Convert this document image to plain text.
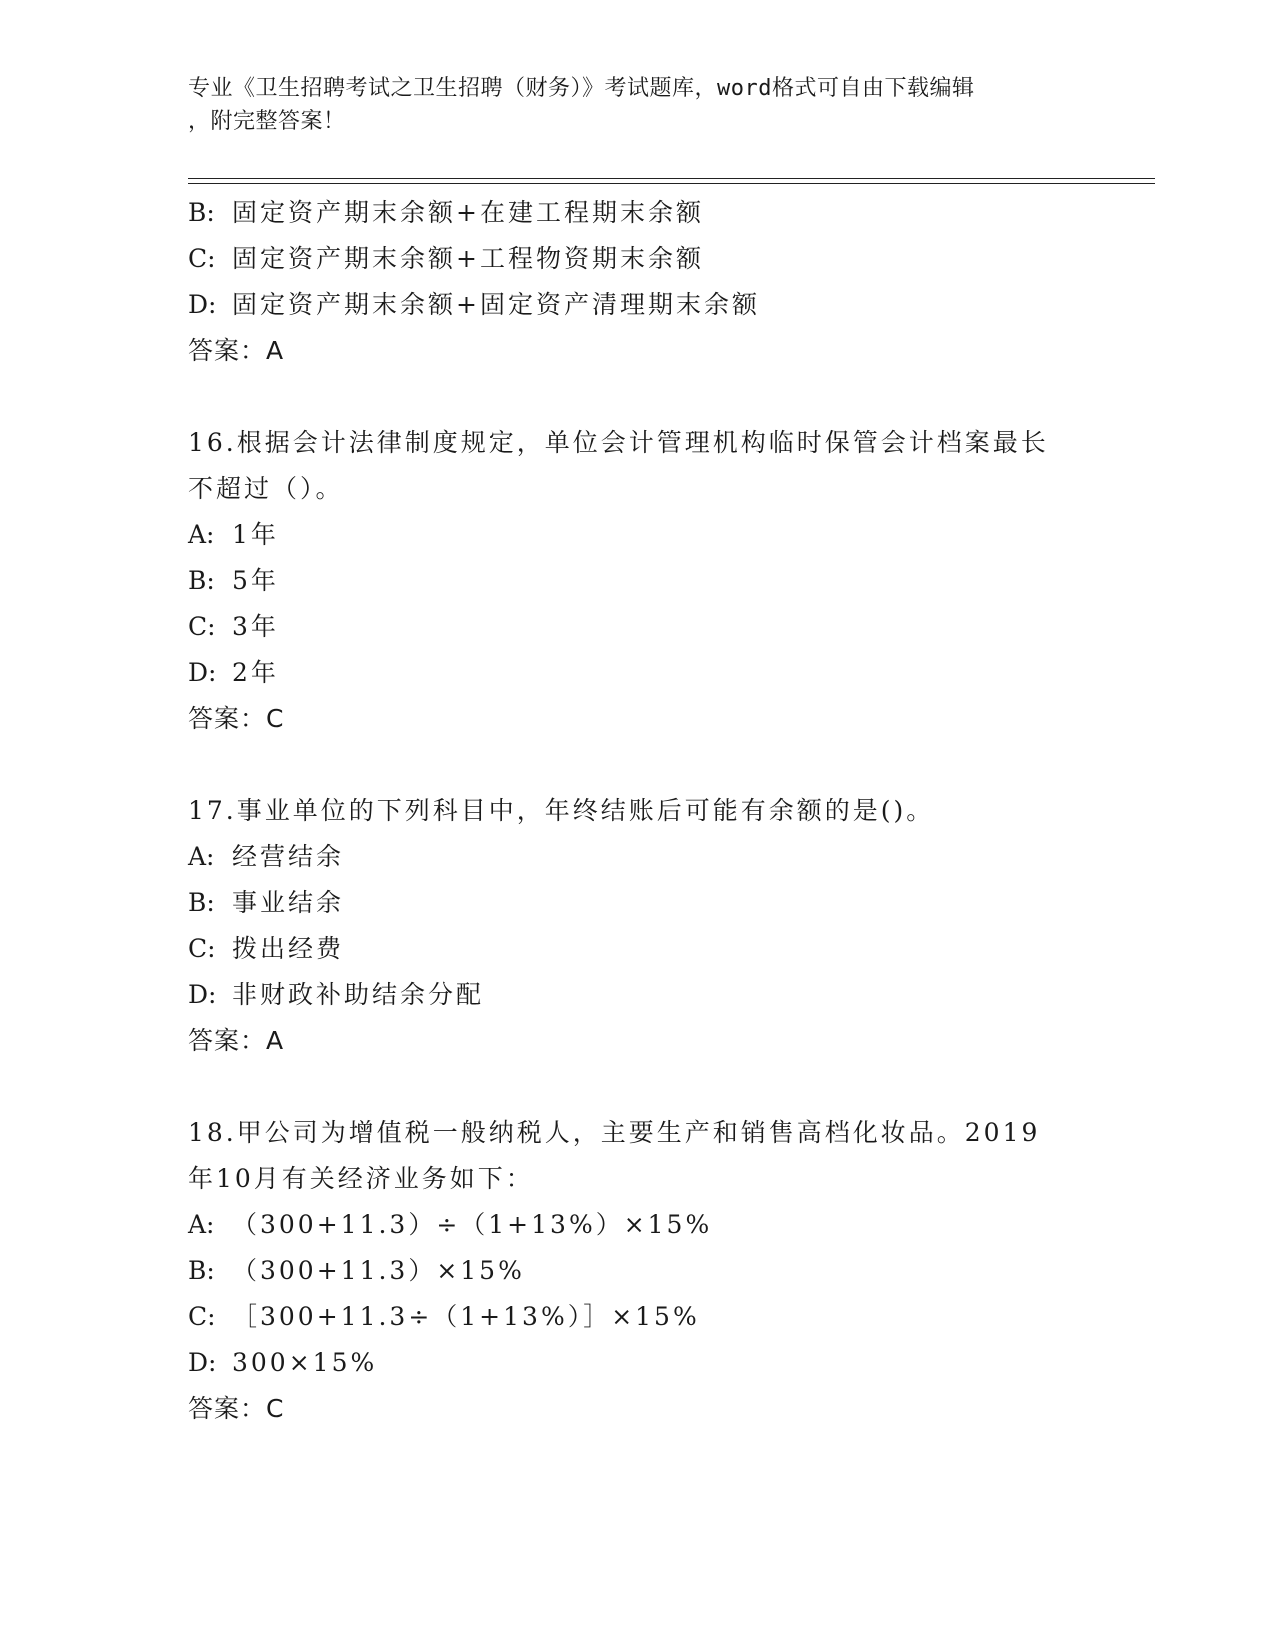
专业《卫生招聘考试之卫生招聘（财务）》考试题库，word格式可自由下载编辑
，附完整答案！
B: 固定资产期末余额+在建工程期末余额
C: 固定资产期末余额+工程物资期末余额
D: 固定资产期末余额+固定资产清理期末余额
答案：A
16.根据会计法律制度规定，单位会计管理机构临时保管会计档案最长
不超过（）。
A: 1年
B: 5年
C: 3年
D: 2年
答案：C
17.事业单位的下列科目中，年终结账后可能有余额的是()。
A: 经营结余
B: 事业结余
C: 拨出经费
D: 非财政补助结余分配
答案：A
18.甲公司为增值税一般纳税人，主要生产和销售高档化妆品。2019
年10月有关经济业务如下：
A: （300+11.3）÷（1+13%）×15%
B: （300+11.3）×15%
C: ［300+11.3÷（1+13%）］×15%
D: 300×15%
答案：C
